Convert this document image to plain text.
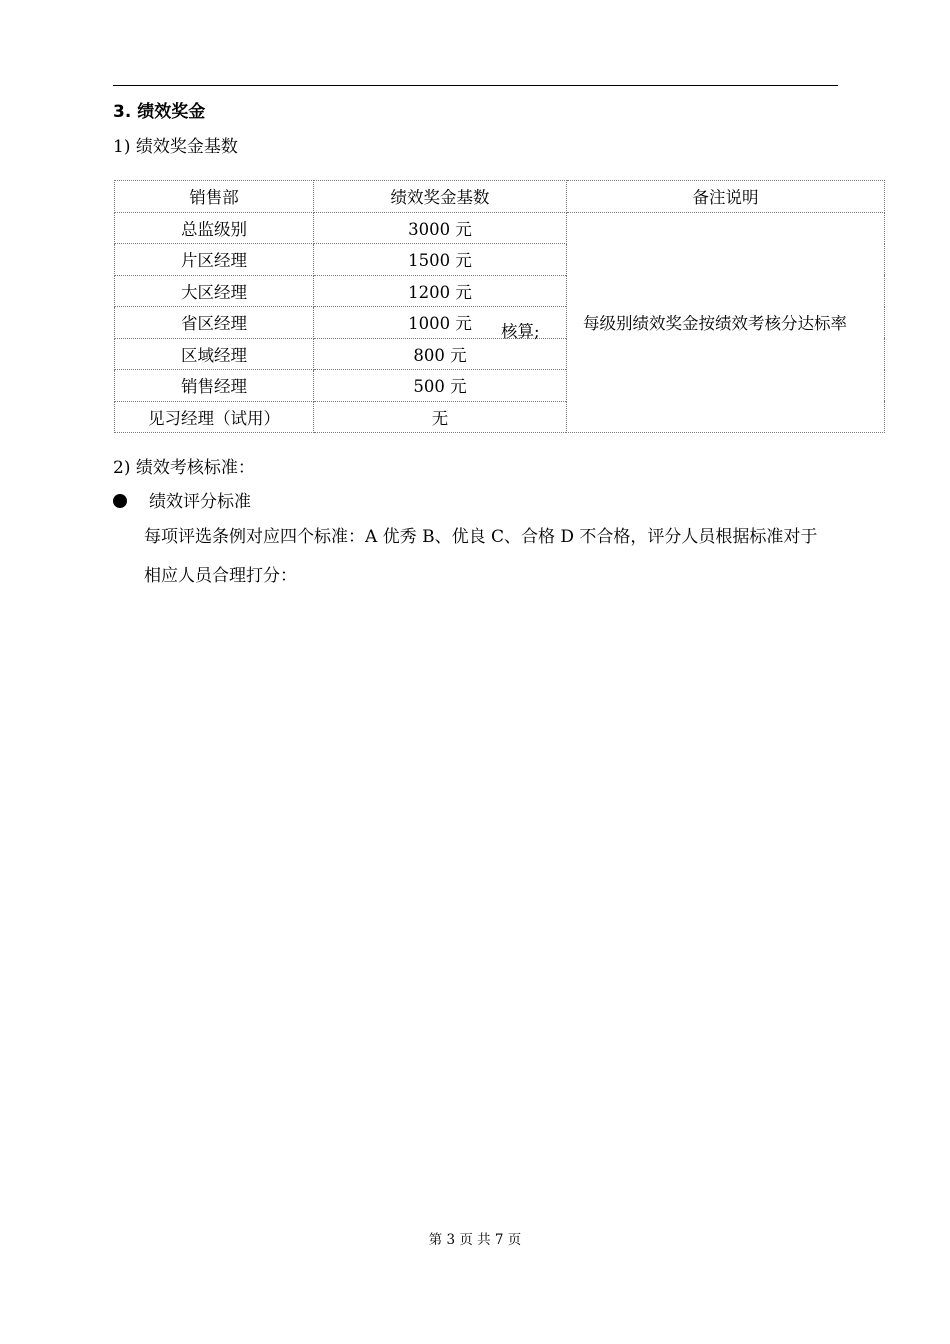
3. 绩效奖金
1) 绩效奖金基数
销售部	绩效奖金基数	备注说明
总监级别	3000 元	每级别绩效奖金按绩效考核分达标率

片区经理	1500 元	
大区经理	1200 元	
省区经理	1000 元	
区域经理	800 元	
销售经理	500 元	
见习经理（试用）	无	
核算;
2) 绩效考核标准：
绩效评分标准
每项评选条例对应四个标准：A 优秀 B、优良 C、合格 D 不合格，评分人员根据标准对于
相应人员合理打分：
第 3 页 共 7 页
